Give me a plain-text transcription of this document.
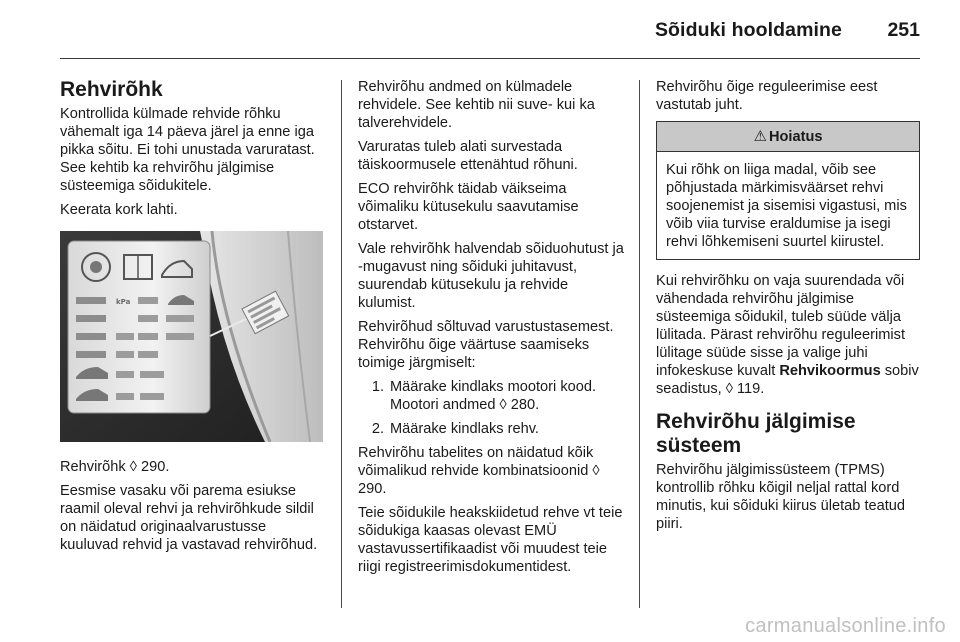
Sõiduki hooldamine 251
Rehvirõhk

Kontrollida külmade rehvide rõhku vähemalt iga 14 päeva järel ja enne iga pikka sõitu. Ei tohi unustada varuratast. See kehtib ka rehvirõhu jälgimise süsteemiga sõidukitele.

Keerata kork lahti.

kPa

Rehvirõhk ◊ 290.

Eesmise vasaku või parema esiukse raamil oleval rehvi ja rehvirõhkude sildil on näidatud originaalvarustusse kuuluvad rehvid ja vastavad rehvirõhud.

Rehvirõhu andmed on külmadele rehvidele. See kehtib nii suve- kui ka talverehvidele.

Varuratas tuleb alati survestada täiskoormusele ettenähtud rõhuni.

ECO rehvirõhk täidab väikseima võimaliku kütusekulu saavutamise otstarvet.

Vale rehvirõhk halvendab sõiduohutust ja -mugavust ning sõiduki juhitavust, suurendab kütusekulu ja rehvide kulumist.

Rehvirõhud sõltuvad varustustasemest. Rehvirõhu õige väärtuse saamiseks toimige järgmiselt:

1. Määrake kindlaks mootori kood. Mootori andmed ◊ 280.
2. Määrake kindlaks rehv.

Rehvirõhu tabelites on näidatud kõik võimalikud rehvide kombinatsioonid ◊ 290.

Teie sõidukile heakskiidetud rehve vt teie sõidukiga kaasas olevast EMÜ vastavussertifikaadist või muudest teie riigi registreerimisdokumentidest.

Rehvirõhu õige reguleerimise eest vastutab juht.

⚠ Hoiatus
Kui rõhk on liiga madal, võib see põhjustada märkimisväärset rehvi soojenemist ja sisemisi vigastusi, mis võib viia turvise eraldumise ja isegi rehvi lõhkemiseni suurtel kiirustel.

Kui rehvirõhku on vaja suurendada või vähendada rehvirõhu jälgimise süsteemiga sõidukil, tuleb süüde välja lülitada. Pärast rehvirõhu reguleerimist lülitage süüde sisse ja valige juhi infokeskuse kuvalt Rehvikoormus sobiv seadistus, ◊ 119.

Rehvirõhu jälgimise süsteem

Rehvirõhu jälgimissüsteem (TPMS) kontrollib rõhku kõigil neljal rattal kord minutis, kui sõiduki kiirus ületab teatud piiri.

carmanualsonline.info
